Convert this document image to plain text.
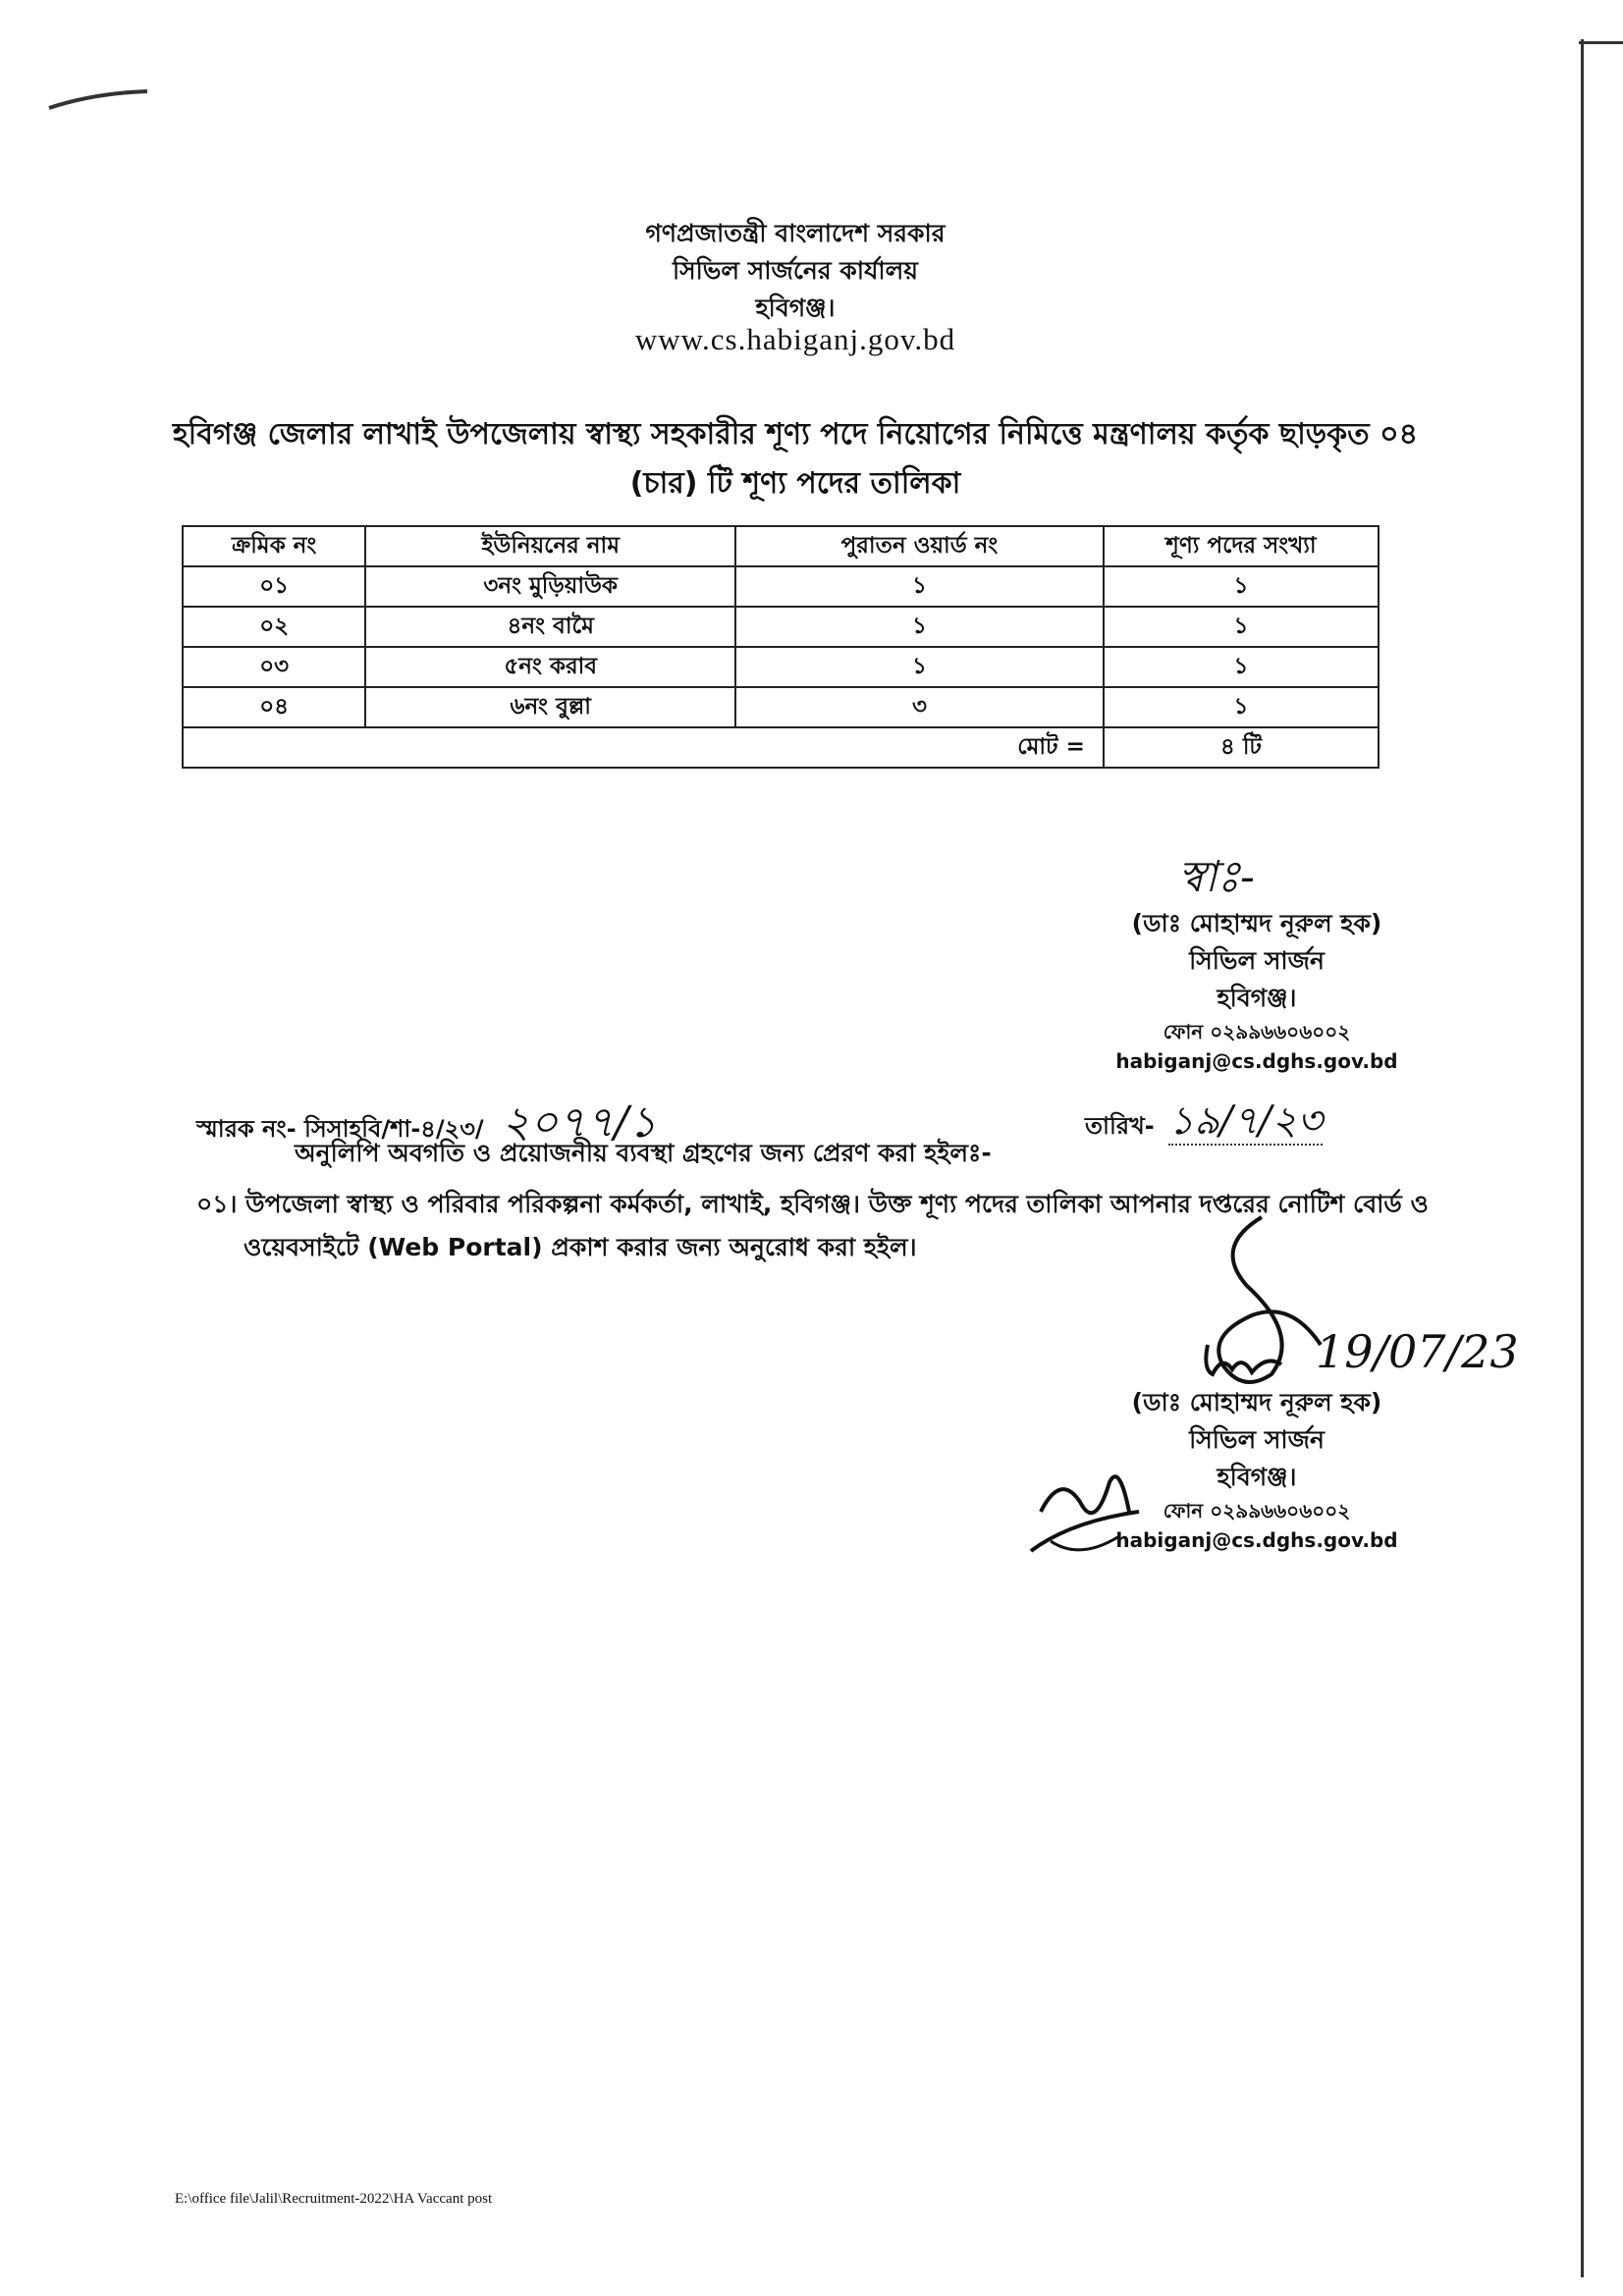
গণপ্রজাতন্ত্রী বাংলাদেশ সরকার
সিভিল সার্জনের কার্যালয়
হবিগঞ্জ।
www.cs.habiganj.gov.bd
হবিগঞ্জ জেলার লাখাই উপজেলায় স্বাস্থ্য সহকারীর শূণ্য পদে নিয়োগের নিমিত্তে মন্ত্রণালয় কর্তৃক ছাড়কৃত ০৪
(চার) টি শূণ্য পদের তালিকা
ক্রমিক নং	ইউনিয়নের নাম	পুরাতন ওয়ার্ড নং	শূণ্য পদের সংখ্যা
০১	৩নং মুড়িয়াউক	১	১
০২	৪নং বামৈ	১	১
০৩	৫নং করাব	১	১
০৪	৬নং বুল্লা	৩	১
মোট =			৪ টি
স্বাঃ-
(ডাঃ মোহাম্মদ নূরুল হক)
সিভিল সার্জন
হবিগঞ্জ।
ফোন ০২৯৯৬৬০৬০০২
habiganj@cs.dghs.gov.bd
স্মারক নং- সিসাহবি/শা-৪/২৩/ ২০৭৭/১	তারিখ- ১৯/৭/২৩
অনুলিপি অবগতি ও প্রয়োজনীয় ব্যবস্থা গ্রহণের জন্য প্রেরণ করা হইলঃ-
০১। উপজেলা স্বাস্থ্য ও পরিবার পরিকল্পনা কর্মকর্তা, লাখাই, হবিগঞ্জ। উক্ত শূণ্য পদের তালিকা আপনার দপ্তরের নোটিশ বোর্ড ও
ওয়েবসাইটে (Web Portal) প্রকাশ করার জন্য অনুরোধ করা হইল।
19/07/23
(ডাঃ মোহাম্মদ নূরুল হক)
সিভিল সার্জন
হবিগঞ্জ।
ফোন ০২৯৯৬৬০৬০০২
habiganj@cs.dghs.gov.bd
E:\office file\Jalil\Recruitment-2022\HA Vaccant post
